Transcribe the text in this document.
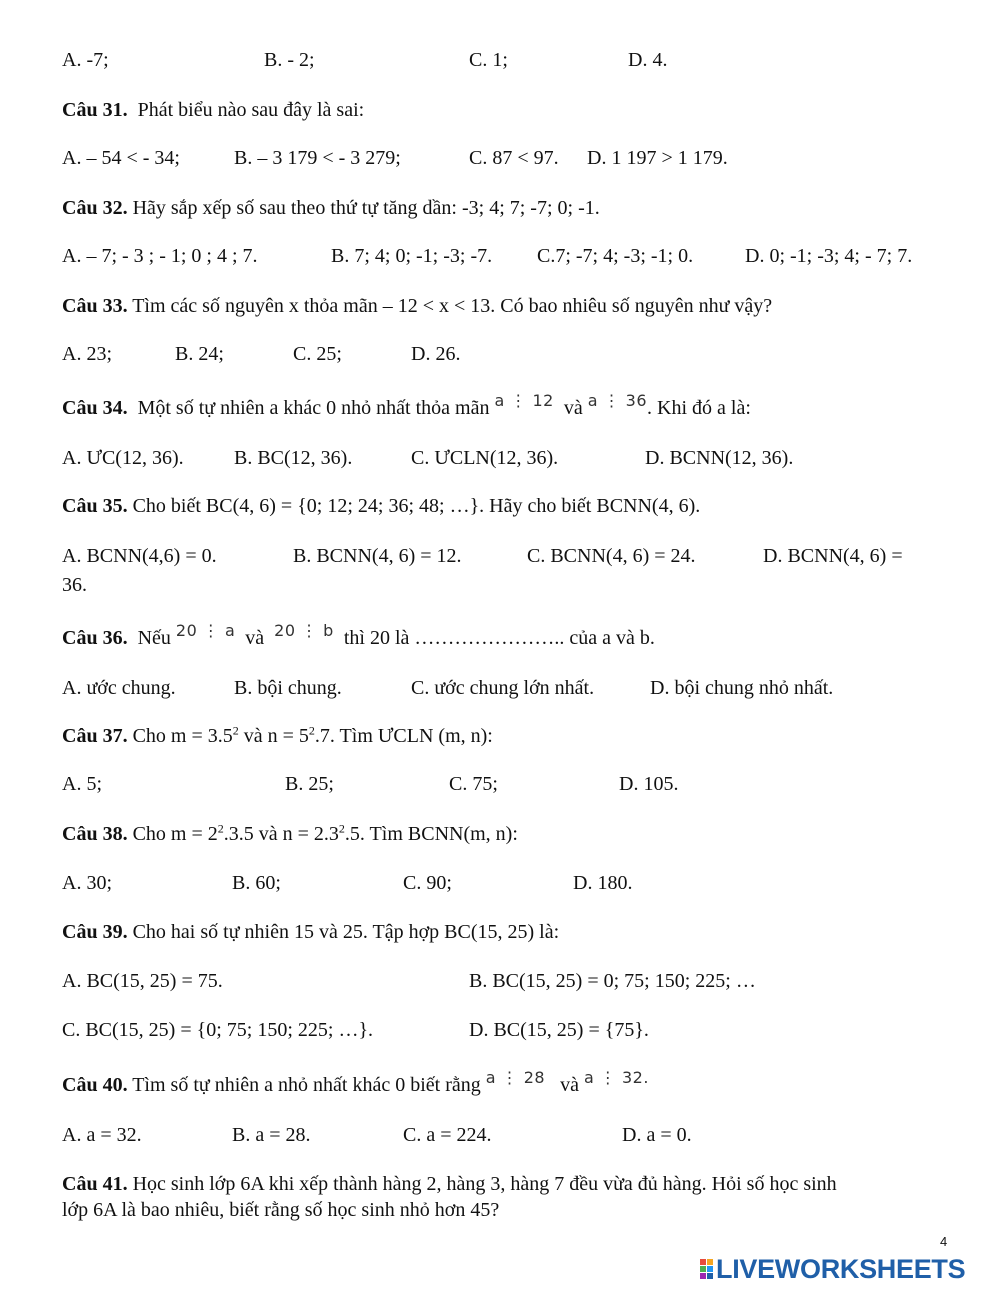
A. -7;	B. - 2;	C. 1;	D. 4.
Câu 31. Phát biểu nào sau đây là sai:
A. – 54 < - 34;	B. – 3 179 < - 3 279;	C. 87 < 97. D. 1 197 > 1 179.
Câu 32. Hãy sắp xếp số sau theo thứ tự tăng dần: -3; 4; 7; -7; 0; -1.
A. – 7; - 3 ; - 1; 0 ; 4 ; 7.	B. 7; 4; 0; -1; -3; -7. C.7; -7; 4; -3; -1; 0.	D. 0; -1; -3; 4; - 7; 7.
Câu 33. Tìm các số nguyên x thỏa mãn – 12 < x < 13. Có bao nhiêu số nguyên như vậy?
A. 23;	B. 24;	C. 25;	D. 26.
Câu 34. Một số tự nhiên a khác 0 nhỏ nhất thỏa mãn a ⋮ 12 và a ⋮ 36. Khi đó a là:
A. ƯC(12, 36).	B. BC(12, 36).	C. ƯCLN(12, 36).	D. BCNN(12, 36).
Câu 35. Cho biết BC(4, 6) = {0; 12; 24; 36; 48; …}. Hãy cho biết BCNN(4, 6).
A. BCNN(4,6) = 0.	B. BCNN(4, 6) = 12.	C. BCNN(4, 6) = 24.	D. BCNN(4, 6) =
36.
Câu 36. Nếu 20 ⋮ a và 20 ⋮ b thì 20 là ………………….. của a và b.
A. ước chung.	B. bội chung.	C. ước chung lớn nhất.	D. bội chung nhỏ nhất.
Câu 37. Cho $m = 3.5^2$ và $n = 5^2.7$. Tìm ƯCLN (m, n):
A. 5;	B. 25;	C. 75;	D. 105.
Câu 38. Cho $m = 2^2.3.5$ và $n = 2.3^2.5$. Tìm BCNN(m, n):
A. 30;	B. 60;	C. 90;	D. 180.
Câu 39. Cho hai số tự nhiên 15 và 25. Tập hợp BC(15, 25) là:
A. BC(15, 25) = 75.	B. BC(15, 25) = 0; 75; 150; 225; …
C. BC(15, 25) = {0; 75; 150; 225; …}.	D. BC(15, 25) = {75}.
Câu 40. Tìm số tự nhiên a nhỏ nhất khác 0 biết rằng a ⋮ 28 và a ⋮ 32.
A. a = 32.	B. a = 28.	C. a = 224.	D. a = 0.
Câu 41. Học sinh lớp 6A khi xếp thành hàng 2, hàng 3, hàng 7 đều vừa đủ hàng. Hỏi số học sinh
lớp 6A là bao nhiêu, biết rằng số học sinh nhỏ hơn 45?
4
LIVEWORKSHEETS
